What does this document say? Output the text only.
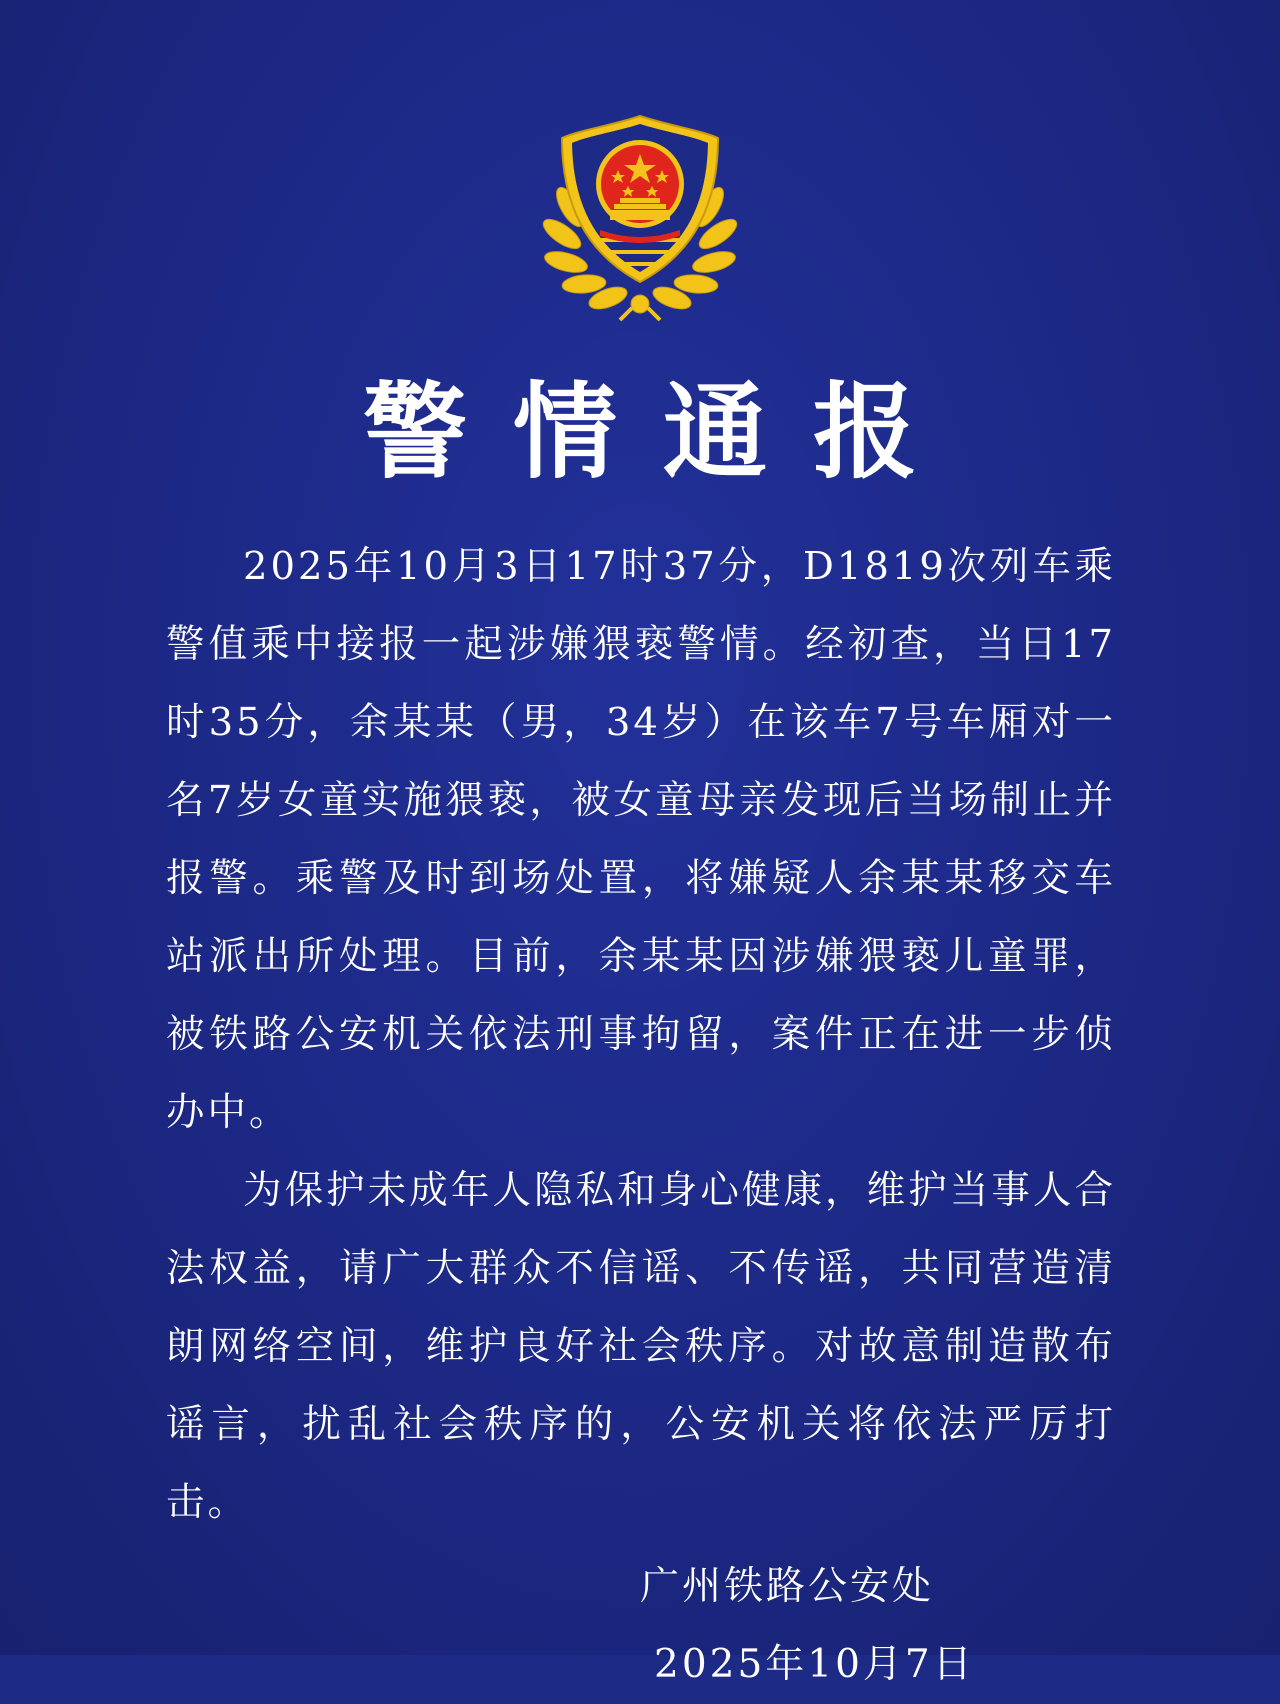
警情通报

2025年10月3日17时37分，D1819次列车乘警值乘中接报一起涉嫌猥亵警情。经初查，当日17时35分，余某某（男，34岁）在该车7号车厢对一名7岁女童实施猥亵，被女童母亲发现后当场制止并报警。乘警及时到场处置，将嫌疑人余某某移交车站派出所处理。目前，余某某因涉嫌猥亵儿童罪，被铁路公安机关依法刑事拘留，案件正在进一步侦办中。

为保护未成年人隐私和身心健康，维护当事人合法权益，请广大群众不信谣、不传谣，共同营造清朗网络空间，维护良好社会秩序。对故意制造散布谣言，扰乱社会秩序的，公安机关将依法严厉打击。

广州铁路公安处
2025年10月7日
